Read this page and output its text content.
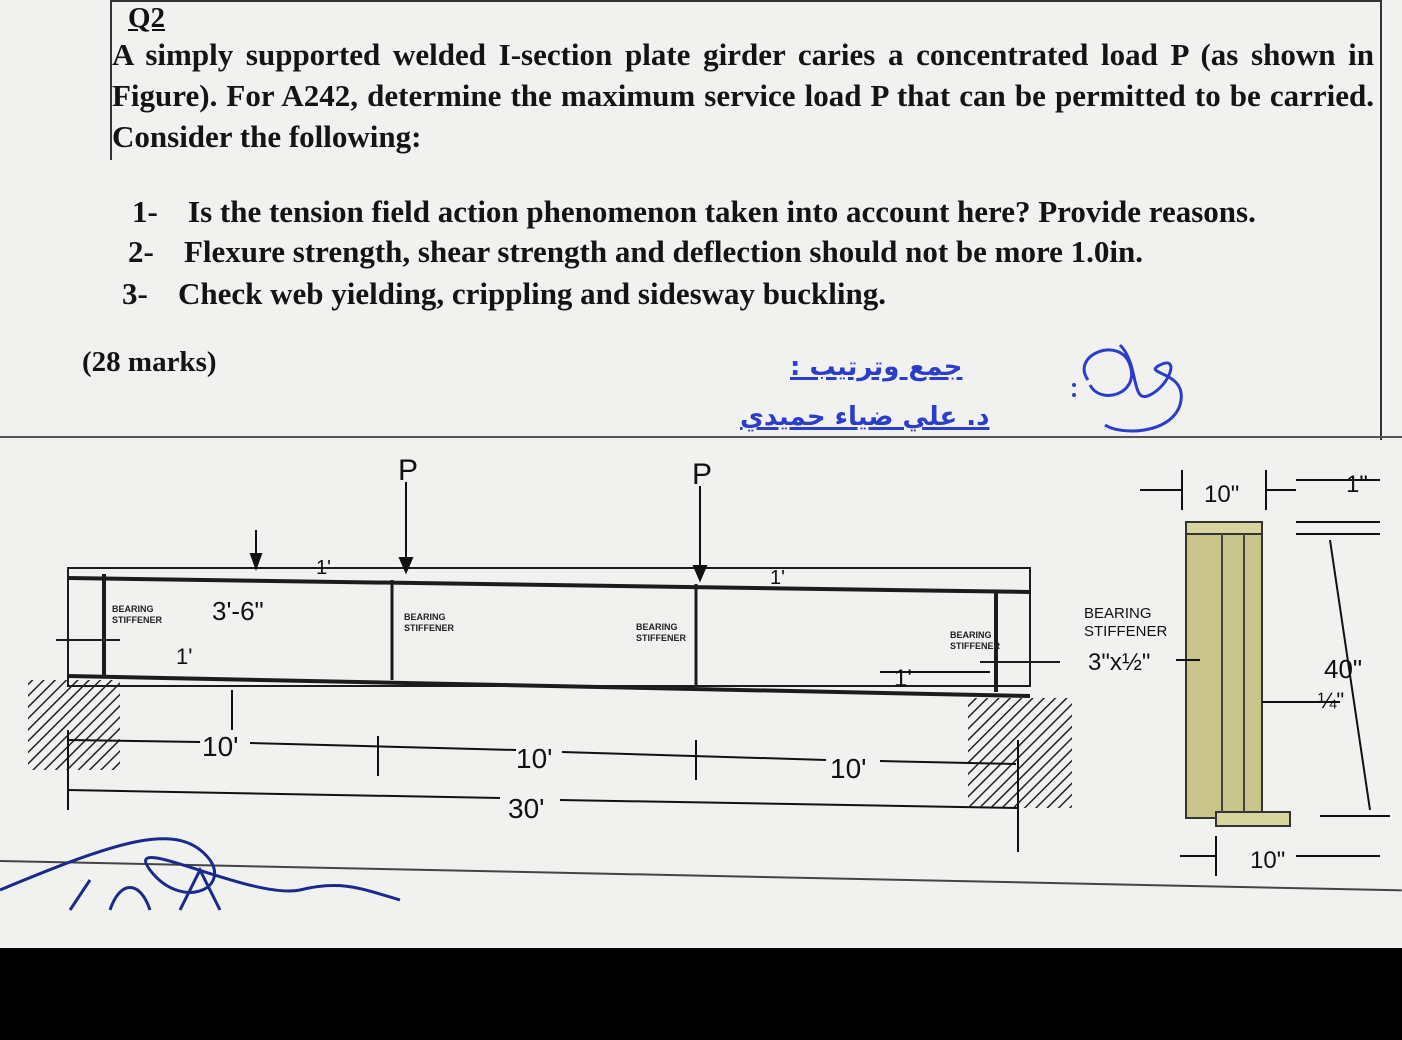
Q2
A simply supported welded I-section plate girder caries a concentrated load P (as shown in Figure). For A242, determine the maximum service load P that can be permitted to be carried. Consider the following:
1- Is the tension field action phenomenon taken into account here? Provide reasons.
2- Flexure strength, shear strength and deflection should not be more 1.0in.
3- Check web yielding, crippling and sidesway buckling.
(28 marks)	جمع وترتيب :
د. علي ضياء حميدي
P	P
BEARING
STIFFENER	BEARING
STIFFENER	BEARING
STIFFENER	BEARING
STIFFENER
3'-6"
1'
1'	1'
1'
10'	10'	10'
30'
10"	1"
40"
¼"
10"
BEARING
STIFFENER
3"x½"
